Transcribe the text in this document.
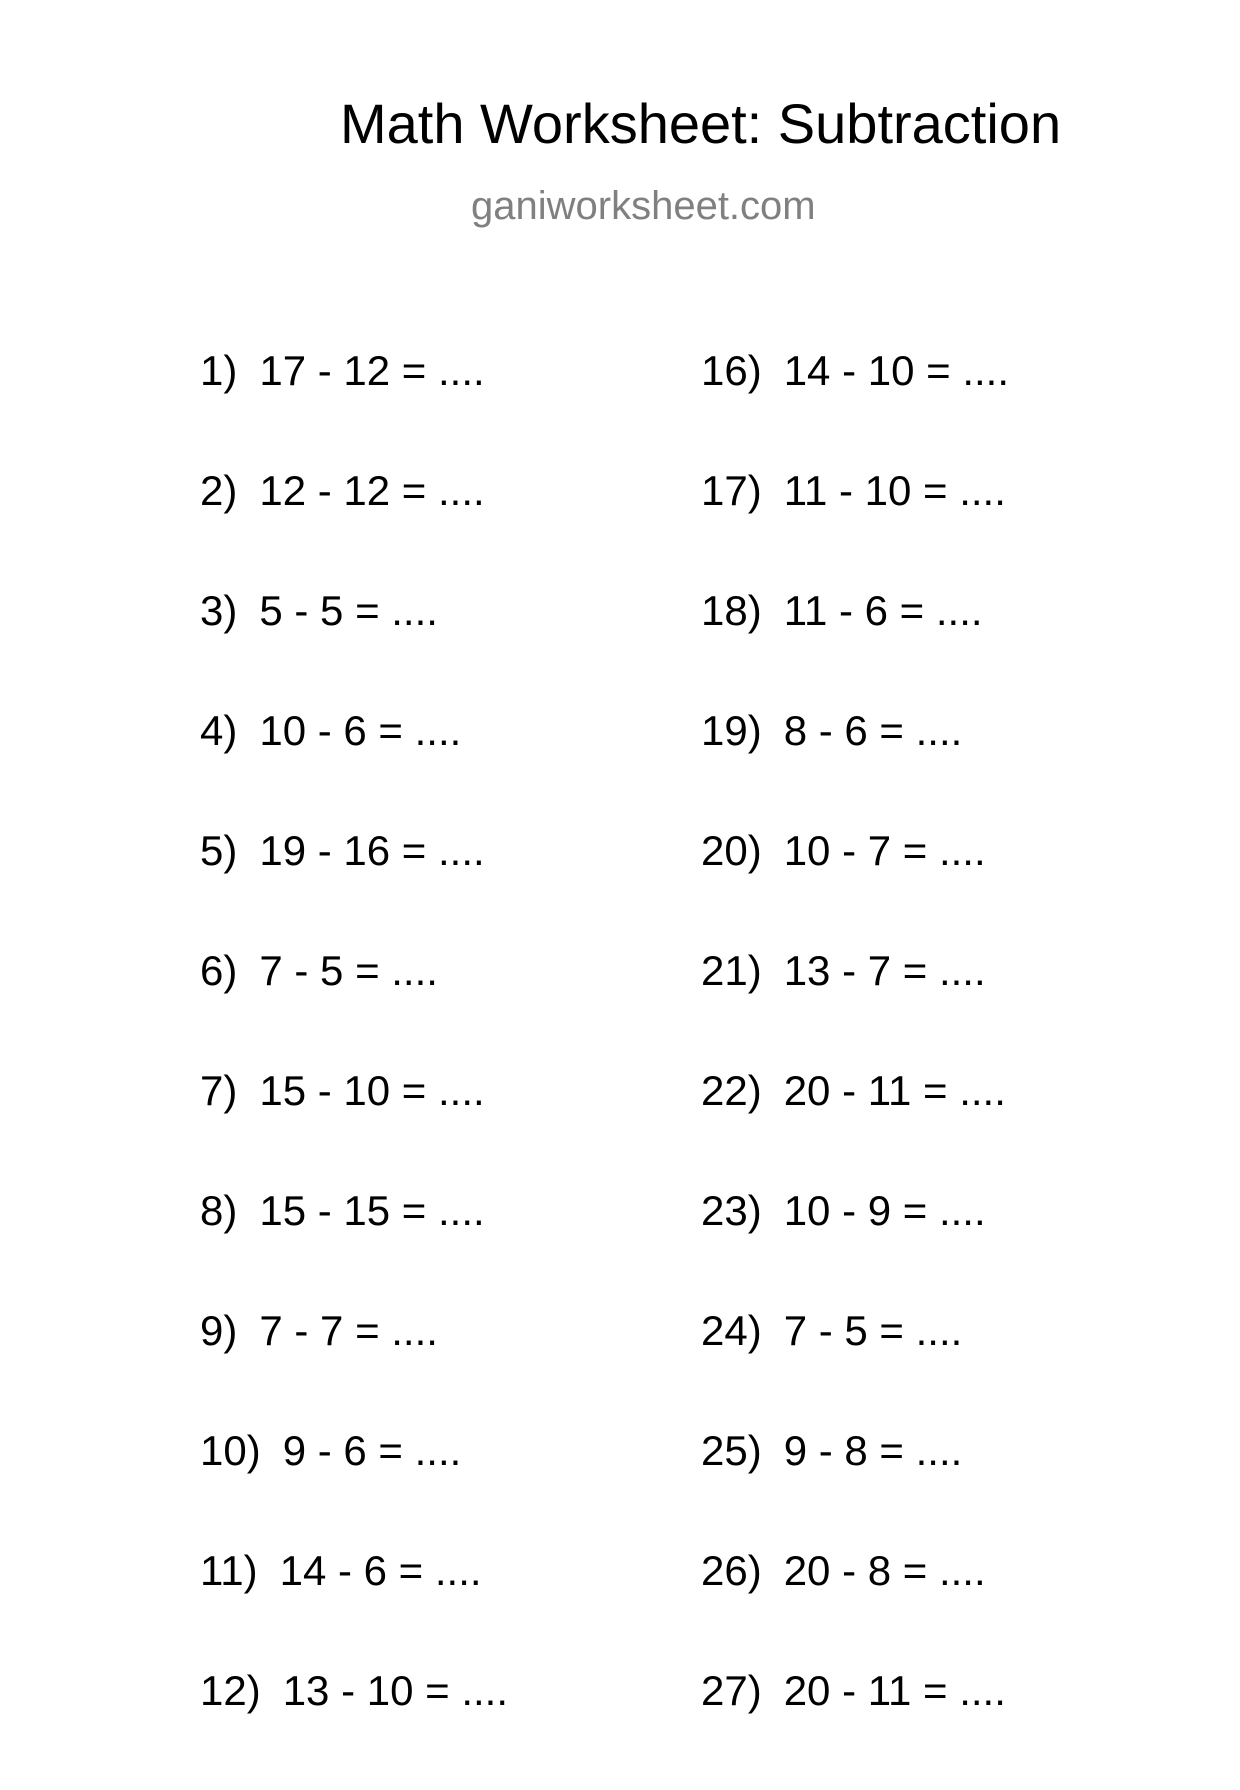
Math Worksheet: Subtraction
ganiworksheet.com
1) 17 - 12 = ....
2) 12 - 12 = ....
3) 5 - 5 = ....
4) 10 - 6 = ....
5) 19 - 16 = ....
6) 7 - 5 = ....
7) 15 - 10 = ....
8) 15 - 15 = ....
9) 7 - 7 = ....
10) 9 - 6 = ....
11) 14 - 6 = ....
12) 13 - 10 = ....
16) 14 - 10 = ....
17) 11 - 10 = ....
18) 11 - 6 = ....
19) 8 - 6 = ....
20) 10 - 7 = ....
21) 13 - 7 = ....
22) 20 - 11 = ....
23) 10 - 9 = ....
24) 7 - 5 = ....
25) 9 - 8 = ....
26) 20 - 8 = ....
27) 20 - 11 = ....
